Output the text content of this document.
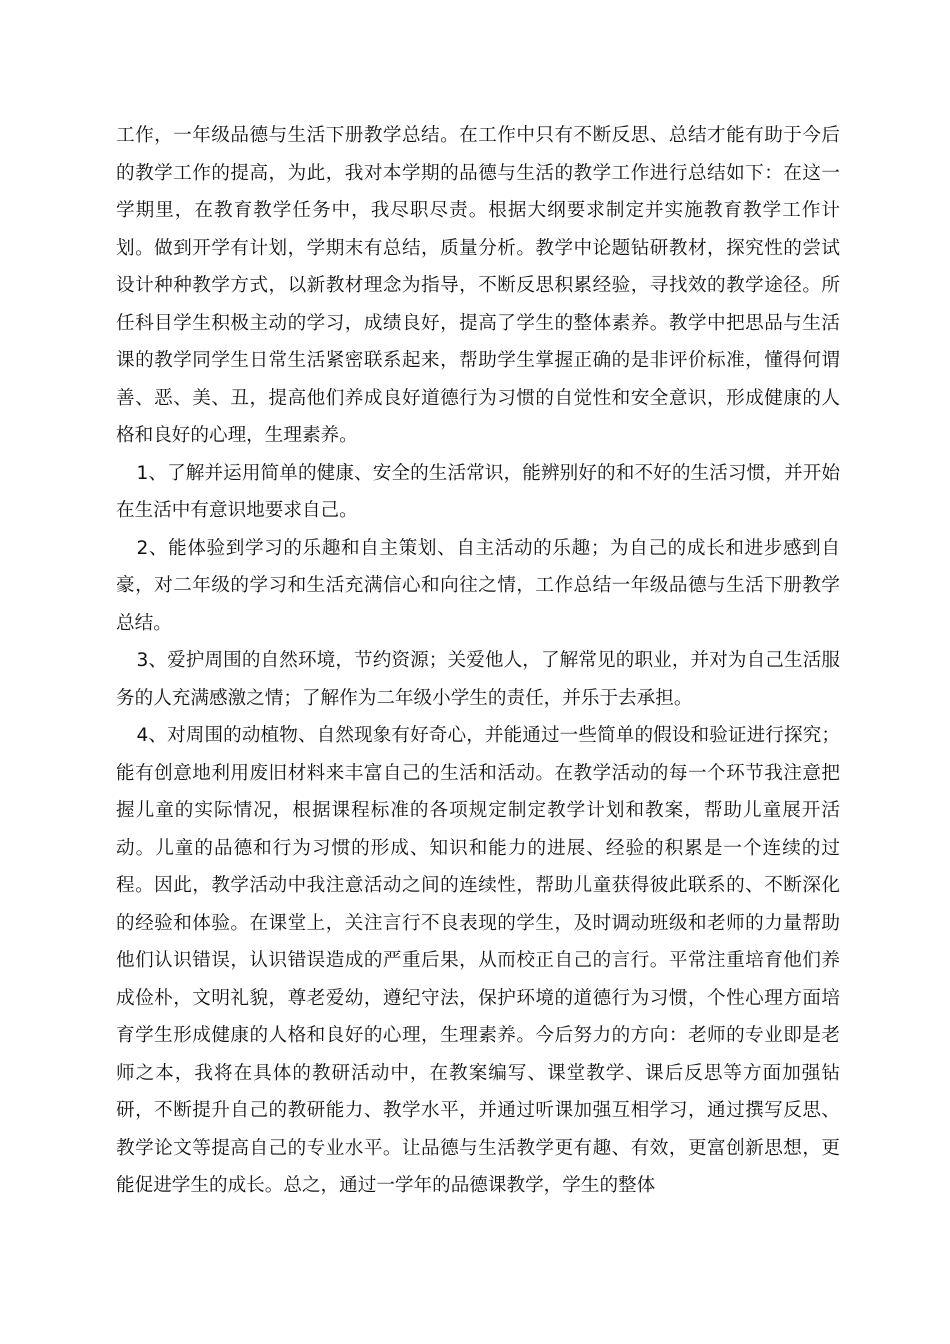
工作，一年级品德与生活下册教学总结。在工作中只有不断反思、总结才能有助于今后的教学工作的提高，为此，我对本学期的品德与生活的教学工作进行总结如下：在这一学期里，在教育教学任务中，我尽职尽责。根据大纲要求制定并实施教育教学工作计划。做到开学有计划，学期末有总结，质量分析。教学中论题钻研教材，探究性的尝试设计种种教学方式，以新教材理念为指导，不断反思积累经验，寻找效的教学途径。所任科目学生积极主动的学习，成绩良好，提高了学生的整体素养。教学中把思品与生活课的教学同学生日常生活紧密联系起来，帮助学生掌握正确的是非评价标准，懂得何谓善、恶、美、丑，提高他们养成良好道德行为习惯的自觉性和安全意识，形成健康的人格和良好的心理，生理素养。

1、了解并运用简单的健康、安全的生活常识，能辨别好的和不好的生活习惯，并开始在生活中有意识地要求自己。

2、能体验到学习的乐趣和自主策划、自主活动的乐趣；为自己的成长和进步感到自豪，对二年级的学习和生活充满信心和向往之情，工作总结一年级品德与生活下册教学总结。

3、爱护周围的自然环境，节约资源；关爱他人，了解常见的职业，并对为自己生活服务的人充满感激之情；了解作为二年级小学生的责任，并乐于去承担。

4、对周围的动植物、自然现象有好奇心，并能通过一些简单的假设和验证进行探究；能有创意地利用废旧材料来丰富自己的生活和活动。在教学活动的每一个环节我注意把握儿童的实际情况，根据课程标准的各项规定制定教学计划和教案，帮助儿童展开活动。儿童的品德和行为习惯的形成、知识和能力的进展、经验的积累是一个连续的过程。因此，教学活动中我注意活动之间的连续性，帮助儿童获得彼此联系的、不断深化的经验和体验。在课堂上，关注言行不良表现的学生，及时调动班级和老师的力量帮助他们认识错误，认识错误造成的严重后果，从而校正自己的言行。平常注重培育他们养成俭朴，文明礼貌，尊老爱幼，遵纪守法，保护环境的道德行为习惯，个性心理方面培育学生形成健康的人格和良好的心理，生理素养。今后努力的方向：老师的专业即是老师之本，我将在具体的教研活动中，在教案编写、课堂教学、课后反思等方面加强钻研，不断提升自己的教研能力、教学水平，并通过听课加强互相学习，通过撰写反思、教学论文等提高自己的专业水平。让品德与生活教学更有趣、有效，更富创新思想，更能促进学生的成长。总之，通过一学年的品德课教学，学生的整体
